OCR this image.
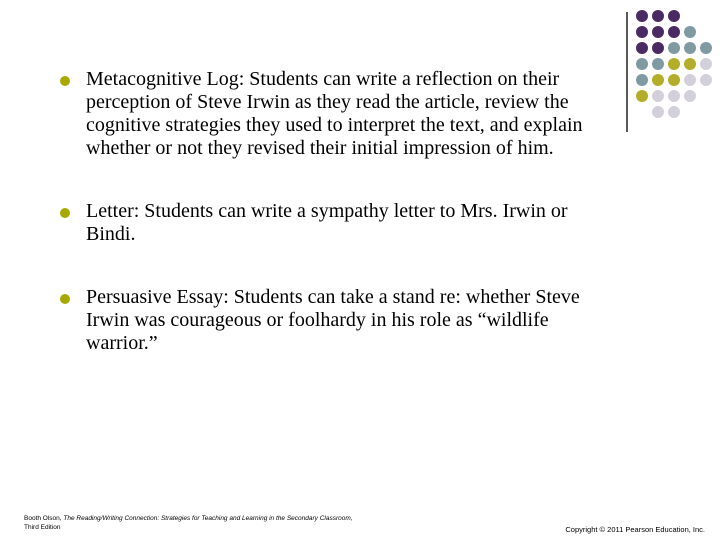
Metacognitive Log: Students can write a reflection on their perception of Steve Irwin as they read the article, review the cognitive strategies they used to interpret the text, and explain whether or not they revised their initial impression of him.
Letter: Students can write a sympathy letter to Mrs. Irwin or Bindi.
Persuasive Essay: Students can take a stand re: whether Steve Irwin was courageous or foolhardy in his role as “wildlife warrior.”
Booth Olson, The Reading/Writing Connection: Strategies for Teaching and Learning in the Secondary Classroom, Third Edition	Copyright © 2011 Pearson Education, Inc.
